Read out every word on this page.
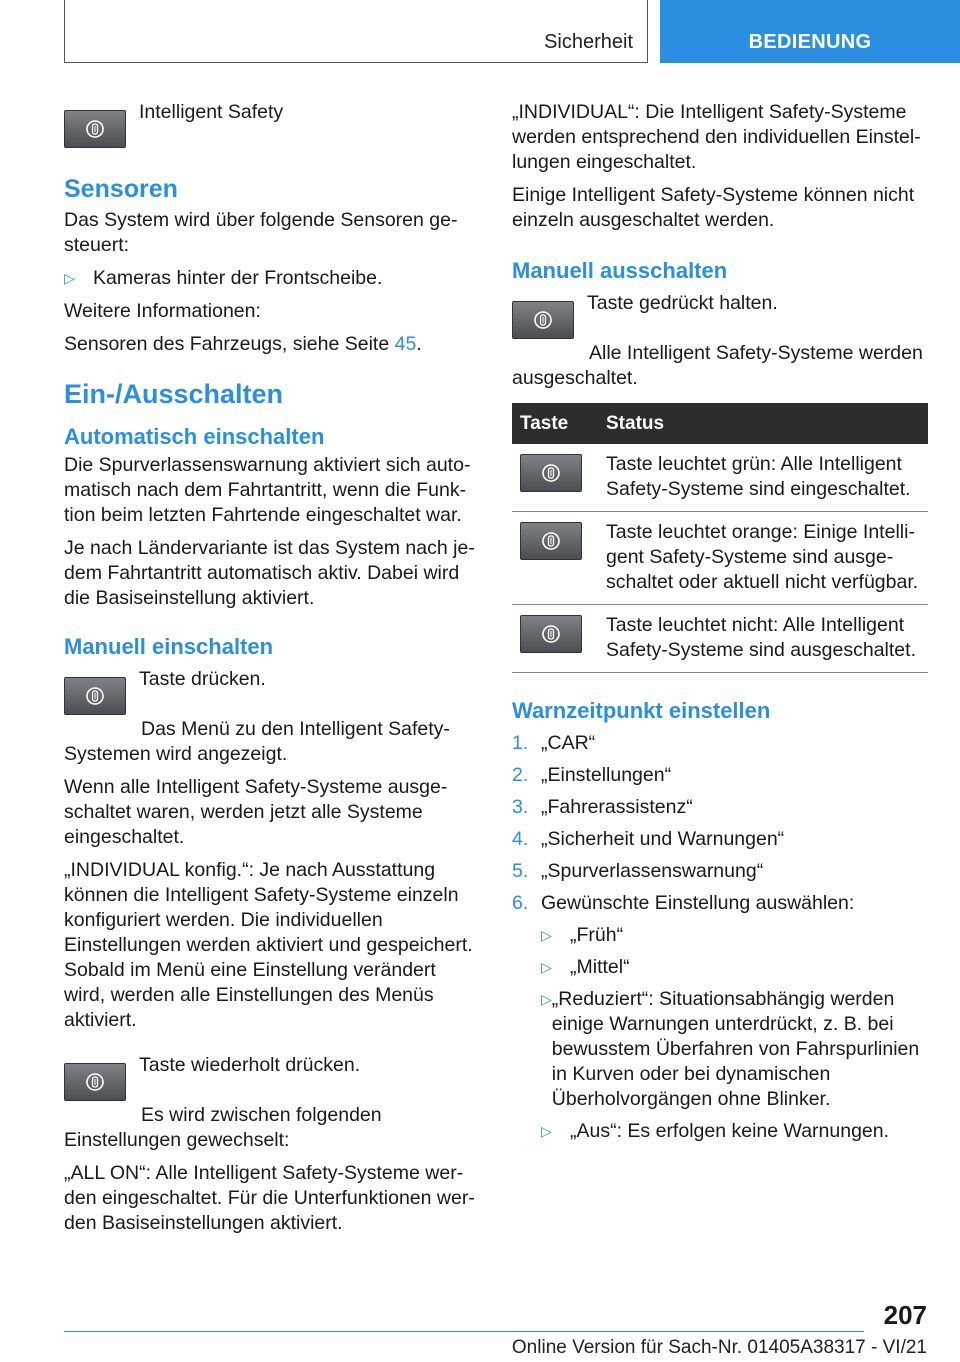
Sicherheit	BEDIENUNG

Intelligent Safety

Sensoren

Das System wird über folgende Sensoren gesteuert:

▷ Kameras hinter der Frontscheibe.

Weitere Informationen:

Sensoren des Fahrzeugs, siehe Seite 45.

Ein-/Ausschalten
Automatisch einschalten

Die Spurverlassenswarnung aktiviert sich automatisch nach dem Fahrtantritt, wenn die Funktion beim letzten Fahrtende eingeschaltet war.

Je nach Ländervariante ist das System nach jedem Fahrtantritt automatisch aktiv. Dabei wird die Basiseinstellung aktiviert.

Manuell einschalten

Taste drücken.

Das Menü zu den Intelligent Safety-Systemen wird angezeigt.

Wenn alle Intelligent Safety-Systeme ausgeschaltet waren, werden jetzt alle Systeme eingeschaltet.

„INDIVIDUAL konfig.“: Je nach Ausstattung können die Intelligent Safety-Systeme einzeln konfiguriert werden. Die individuellen Einstellungen werden aktiviert und gespeichert. Sobald im Menü eine Einstellung verändert wird, werden alle Einstellungen des Menüs aktiviert.

Taste wiederholt drücken.

Es wird zwischen folgenden Einstellungen gewechselt:

„ALL ON“: Alle Intelligent Safety-Systeme werden eingeschaltet. Für die Unterfunktionen werden Basiseinstellungen aktiviert.

„INDIVIDUAL“: Die Intelligent Safety-Systeme werden entsprechend den individuellen Einstellungen eingeschaltet.

Einige Intelligent Safety-Systeme können nicht einzeln ausgeschaltet werden.

Manuell ausschalten

Taste gedrückt halten.

Alle Intelligent Safety-Systeme werden ausgeschaltet.

Taste	Status

	Taste leuchtet grün: Alle Intelligent Safety-Systeme sind eingeschaltet.

	Taste leuchtet orange: Einige Intelligent Safety-Systeme sind ausgeschaltet oder aktuell nicht verfügbar.

	Taste leuchtet nicht: Alle Intelligent Safety-Systeme sind ausgeschaltet.
Warnzeitpunkt einstellen
1. „CAR“
2. „Einstellungen“
3. „Fahrerassistenz“
4. „Sicherheit und Warnungen“
5. „Spurverlassenswarnung“
6. Gewünschte Einstellung auswählen:
▷ „Früh“
▷ „Mittel“
▷ „Reduziert“: Situationsabhängig werden einige Warnungen unterdrückt, z. B. bei bewusstem Überfahren von Fahrspurlinien in Kurven oder bei dynamischen Überholvorgängen ohne Blinker.
▷ „Aus“: Es erfolgen keine Warnungen.
207
Online Version für Sach-Nr. 01405A38317 - VI/21
